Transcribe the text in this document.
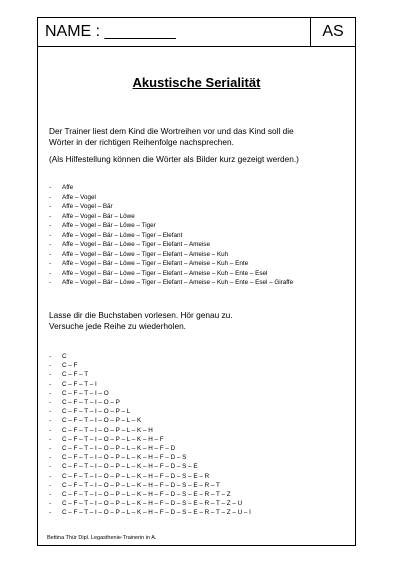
NAME : ________	AS
Akustische Serialität

Der Trainer liest dem Kind die Wortreihen vor und das Kind soll die
Wörter in der richtigen Reihenfolge nachsprechen.

(Als Hilfestellung können die Wörter als Bilder kurz gezeigt werden.)

- Affe
- Affe – Vogel
- Affe – Vogel – Bär
- Affe – Vogel – Bär – Löwe
- Affe – Vogel – Bär – Löwe – Tiger
- Affe – Vogel – Bär – Löwe – Tiger – Elefant
- Affe – Vogel – Bär – Löwe – Tiger – Elefant – Ameise
- Affe – Vogel – Bär – Löwe – Tiger – Elefant – Ameise – Kuh
- Affe – Vogel – Bär – Löwe – Tiger – Elefant – Ameise – Kuh – Ente
- Affe – Vogel – Bär – Löwe – Tiger – Elefant – Ameise – Kuh – Ente – Esel
- Affe – Vogel – Bär – Löwe – Tiger – Elefant – Ameise – Kuh – Ente – Esel – Giraffe

Lasse dir die Buchstaben vorlesen. Hör genau zu.
Versuche jede Reihe zu wiederholen.

- C
- C – F
- C – F – T
- C – F – T – I
- C – F – T – I – O
- C – F – T – I – O – P
- C – F – T – I – O – P – L
- C – F – T – I – O – P – L – K
- C – F – T – I – O – P – L – K – H
- C – F – T – I – O – P – L – K – H – F
- C – F – T – I – O – P – L – K – H – F – D
- C – F – T – I – O – P – L – K – H – F – D – S
- C – F – T – I – O – P – L – K – H – F – D – S – E
- C – F – T – I – O – P – L – K – H – F – D – S – E – R
- C – F – T – I – O – P – L – K – H – F – D – S – E – R – T
- C – F – T – I – O – P – L – K – H – F – D – S – E – R – T – Z
- C – F – T – I – O – P – L – K – H – F – D – S – E – R – T – Z – U
- C – F – T – I – O – P – L – K – H – F – D – S – E – R – T – Z – U – I
Bettina Thür Dipl. Legasthenie-Trainerin in A.
